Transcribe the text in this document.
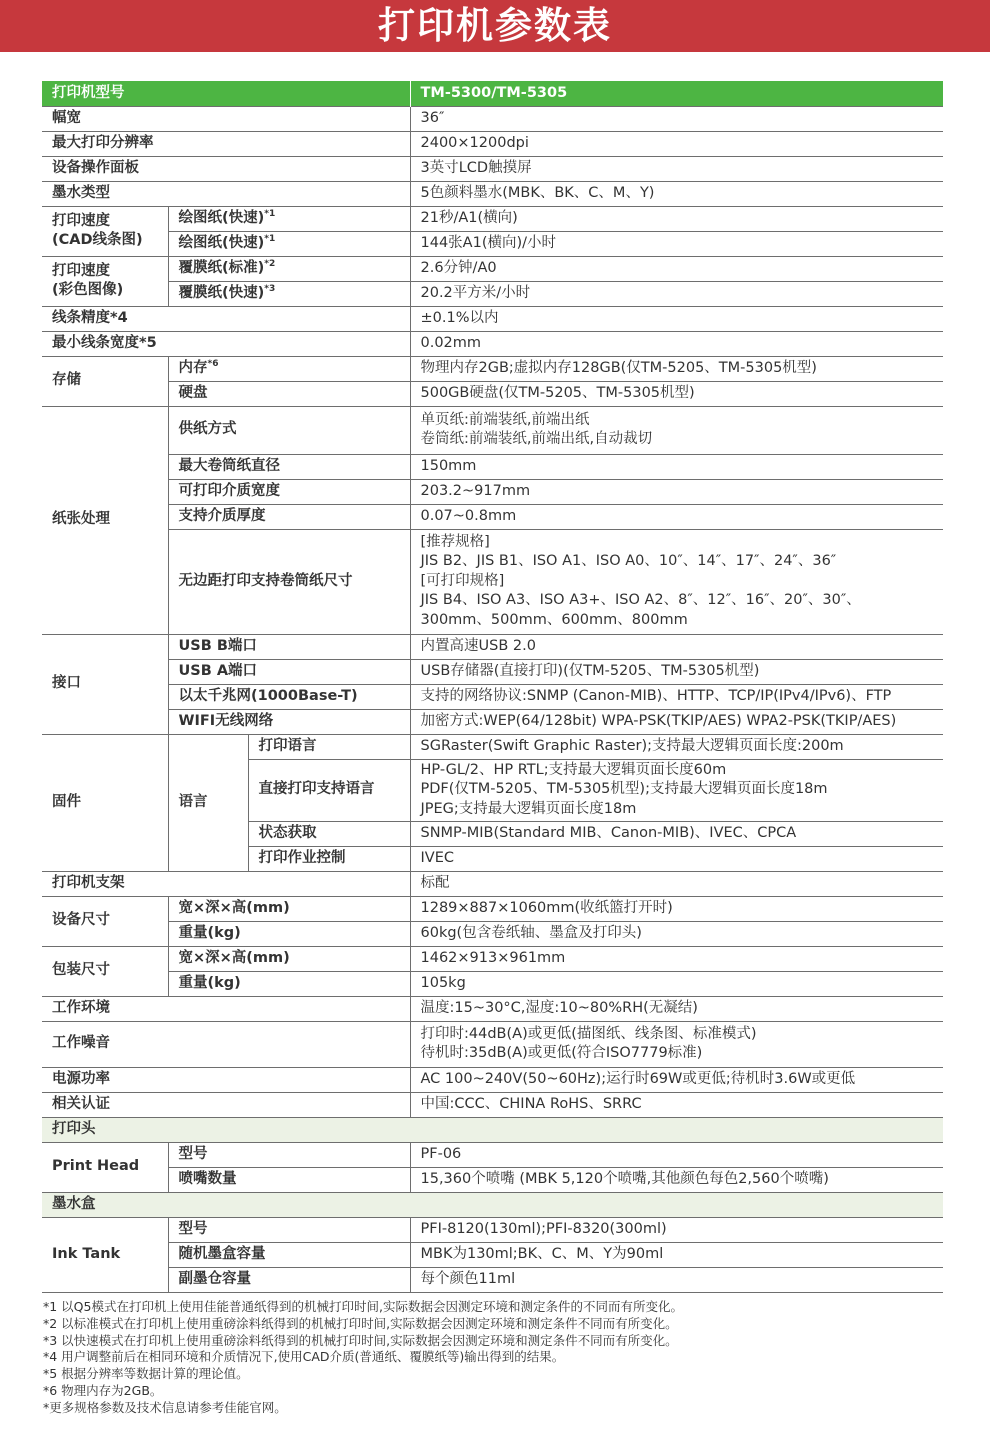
打印机参数表
打印机型号			TM-5300/TM-5305
幅宽			36″
最大打印分辨率			2400×1200dpi
设备操作面板			3英寸LCD触摸屏
墨水类型			5色颜料墨水(MBK、BK、C、M、Y)

打印速度
(CAD线条图)	绘图纸(快速)$^{*1}$		21秒/A1(横向)
	绘图纸(快速)$^{*1}$		144张A1(横向)/小时

打印速度
(彩色图像)	覆膜纸(标准)$^{*2}$		2.6分钟/A0
	覆膜纸(快速)$^{*3}$		20.2平方米/小时
线条精度*4			±0.1%以内
最小线条宽度*5			0.02mm
存储	内存$^{*6}$		物理内存2GB;虚拟内存128GB(仅TM-5205、TM-5305机型)
	硬盘		500GB硬盘(仅TM-5205、TM-5305机型)
纸张处理	供纸方式		单页纸:前端装纸,前端出纸
卷筒纸:前端装纸,前端出纸,自动裁切

	最大卷筒纸直径		150mm
	可打印介质宽度		203.2~917mm
	支持介质厚度		0.07~0.8mm
	无边距打印支持卷筒纸尺寸		[推荐规格]
JIS B2、JIS B1、ISO A1、ISO A0、10″、14″、17″、24″、36″
[可打印规格]
JIS B4、ISO A3、ISO A3+、ISO A2、8″、12″、16″、20″、30″、
300mm、500mm、600mm、800mm

接口	USB B端口		内置高速USB 2.0
	USB A端口		USB存储器(直接打印)(仅TM-5205、TM-5305机型)
	以太千兆网(1000Base-T)		支持的网络协议:SNMP (Canon-MIB)、HTTP、TCP/IP(IPv4/IPv6)、FTP
	WIFI无线网络		加密方式:WEP(64/128bit) WPA-PSK(TKIP/AES) WPA2-PSK(TKIP/AES)
固件	语言	打印语言	SGRaster(Swift Graphic Raster);支持最大逻辑页面长度:200m
		直接打印支持语言	HP-GL/2、HP RTL;支持最大逻辑页面长度60m
PDF(仅TM-5205、TM-5305机型);支持最大逻辑页面长度18m
JPEG;支持最大逻辑页面长度18m

		状态获取	SNMP-MIB(Standard MIB、Canon-MIB)、IVEC、CPCA
		打印作业控制	IVEC
打印机支架			标配
设备尺寸	宽×深×高(mm)		1289×887×1060mm(收纸篮打开时)
	重量(kg)		60kg(包含卷纸轴、墨盒及打印头)
包装尺寸	宽×深×高(mm)		1462×913×961mm
	重量(kg)		105kg
工作环境			温度:15~30°C,湿度:10~80%RH(无凝结)
工作噪音			打印时:44dB(A)或更低(描图纸、线条图、标准模式)
待机时:35dB(A)或更低(符合ISO7779标准)

电源功率			AC 100~240V(50~60Hz);运行时69W或更低;待机时3.6W或更低
相关认证			中国:CCC、CHINA RoHS、SRRC
打印头			
Print Head	型号		PF-06
	喷嘴数量		15,360个喷嘴 (MBK 5,120个喷嘴,其他颜色每色2,560个喷嘴)
墨水盒			
Ink Tank	型号		PFI-8120(130ml);PFI-8320(300ml)
	随机墨盒容量		MBK为130ml;BK、C、M、Y为90ml
	副墨仓容量		每个颜色11ml
*1 以Q5模式在打印机上使用佳能普通纸得到的机械打印时间,实际数据会因测定环境和测定条件的不同而有所变化。
*2 以标准模式在打印机上使用重磅涂料纸得到的机械打印时间,实际数据会因测定环境和测定条件不同而有所变化。
*3 以快速模式在打印机上使用重磅涂料纸得到的机械打印时间,实际数据会因测定环境和测定条件不同而有所变化。
*4 用户调整前后在相同环境和介质情况下,使用CAD介质(普通纸、覆膜纸等)输出得到的结果。
*5 根据分辨率等数据计算的理论值。
*6 物理内存为2GB。
*更多规格参数及技术信息请参考佳能官网。
